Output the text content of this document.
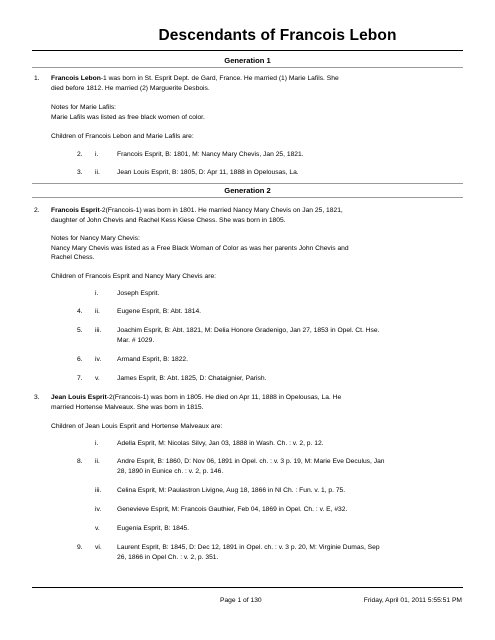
Descendants of Francois Lebon
Generation 1
1. Francois Lebon-1 was born in St. Esprit Dept. de Gard, France. He married (1) Marie Lafils. She
died before 1812. He married (2) Marguerite Desbois.
Notes for Marie Lafils:
Marie Lafils was listed as free black women of color.
Children of Francois Lebon and Marie Lafils are:
2. i.	Francois Esprit, B: 1801, M: Nancy Mary Chevis, Jan 25, 1821.
3. ii.	Jean Louis Esprit, B: 1805, D: Apr 11, 1888 in Opelousas, La.
Generation 2
2. Francois Esprit-2(Francois-1) was born in 1801. He married Nancy Mary Chevis on Jan 25, 1821,
daughter of John Chevis and Rachel Kess Kiese Chess. She was born in 1805.
Notes for Nancy Mary Chevis:
Nancy Mary Chevis was listed as a Free Black Woman of Color as was her parents John Chevis and
Rachel Chess.
Children of Francois Esprit and Nancy Mary Chevis are:
i.	Joseph Esprit.
4. ii.	Eugene Esprit, B: Abt. 1814.
5. iii. Joachim Esprit, B: Abt. 1821, M: Delia Honore Gradenigo, Jan 27, 1853 in Opel. Ct. Hse.
Mar. # 1029.
6. iv. Armand Esprit, B: 1822.
7. v.	James Esprit, B: Abt. 1825, D: Chataignier, Parish.
3. Jean Louis Esprit-2(Francois-1) was born in 1805. He died on Apr 11, 1888 in Opelousas, La. He
married Hortense Malveaux. She was born in 1815.
Children of Jean Louis Esprit and Hortense Malveaux are:
i.	Adella Esprit, M: Nicolas Silvy, Jan 03, 1888 in Wash. Ch. : v. 2, p. 12.
8. ii.	Andre Esprit, B: 1860, D: Nov 06, 1891 in Opel. ch. : v. 3 p. 19, M: Marie Eve Deculus, Jan
28, 1890 in Eunice ch. : v. 2, p. 146.
iii. Celina Esprit, M: Paulastron Livigne, Aug 18, 1866 in Nl Ch. : Fun. v. 1, p. 75.
iv. Genevieve Esprit, M: Francois Gauthier, Feb 04, 1869 in Opel. Ch. : v. E, #32.
v.	Eugenia Esprit, B: 1845.
9. vi. Laurent Esprit, B: 1845, D: Dec 12, 1891 in Opel. ch. : v. 3 p. 20, M: Virginie Dumas, Sep
26, 1866 in Opel Ch. : v. 2, p. 351.
Page 1 of 130	Friday, April 01, 2011 5:55:51 PM
